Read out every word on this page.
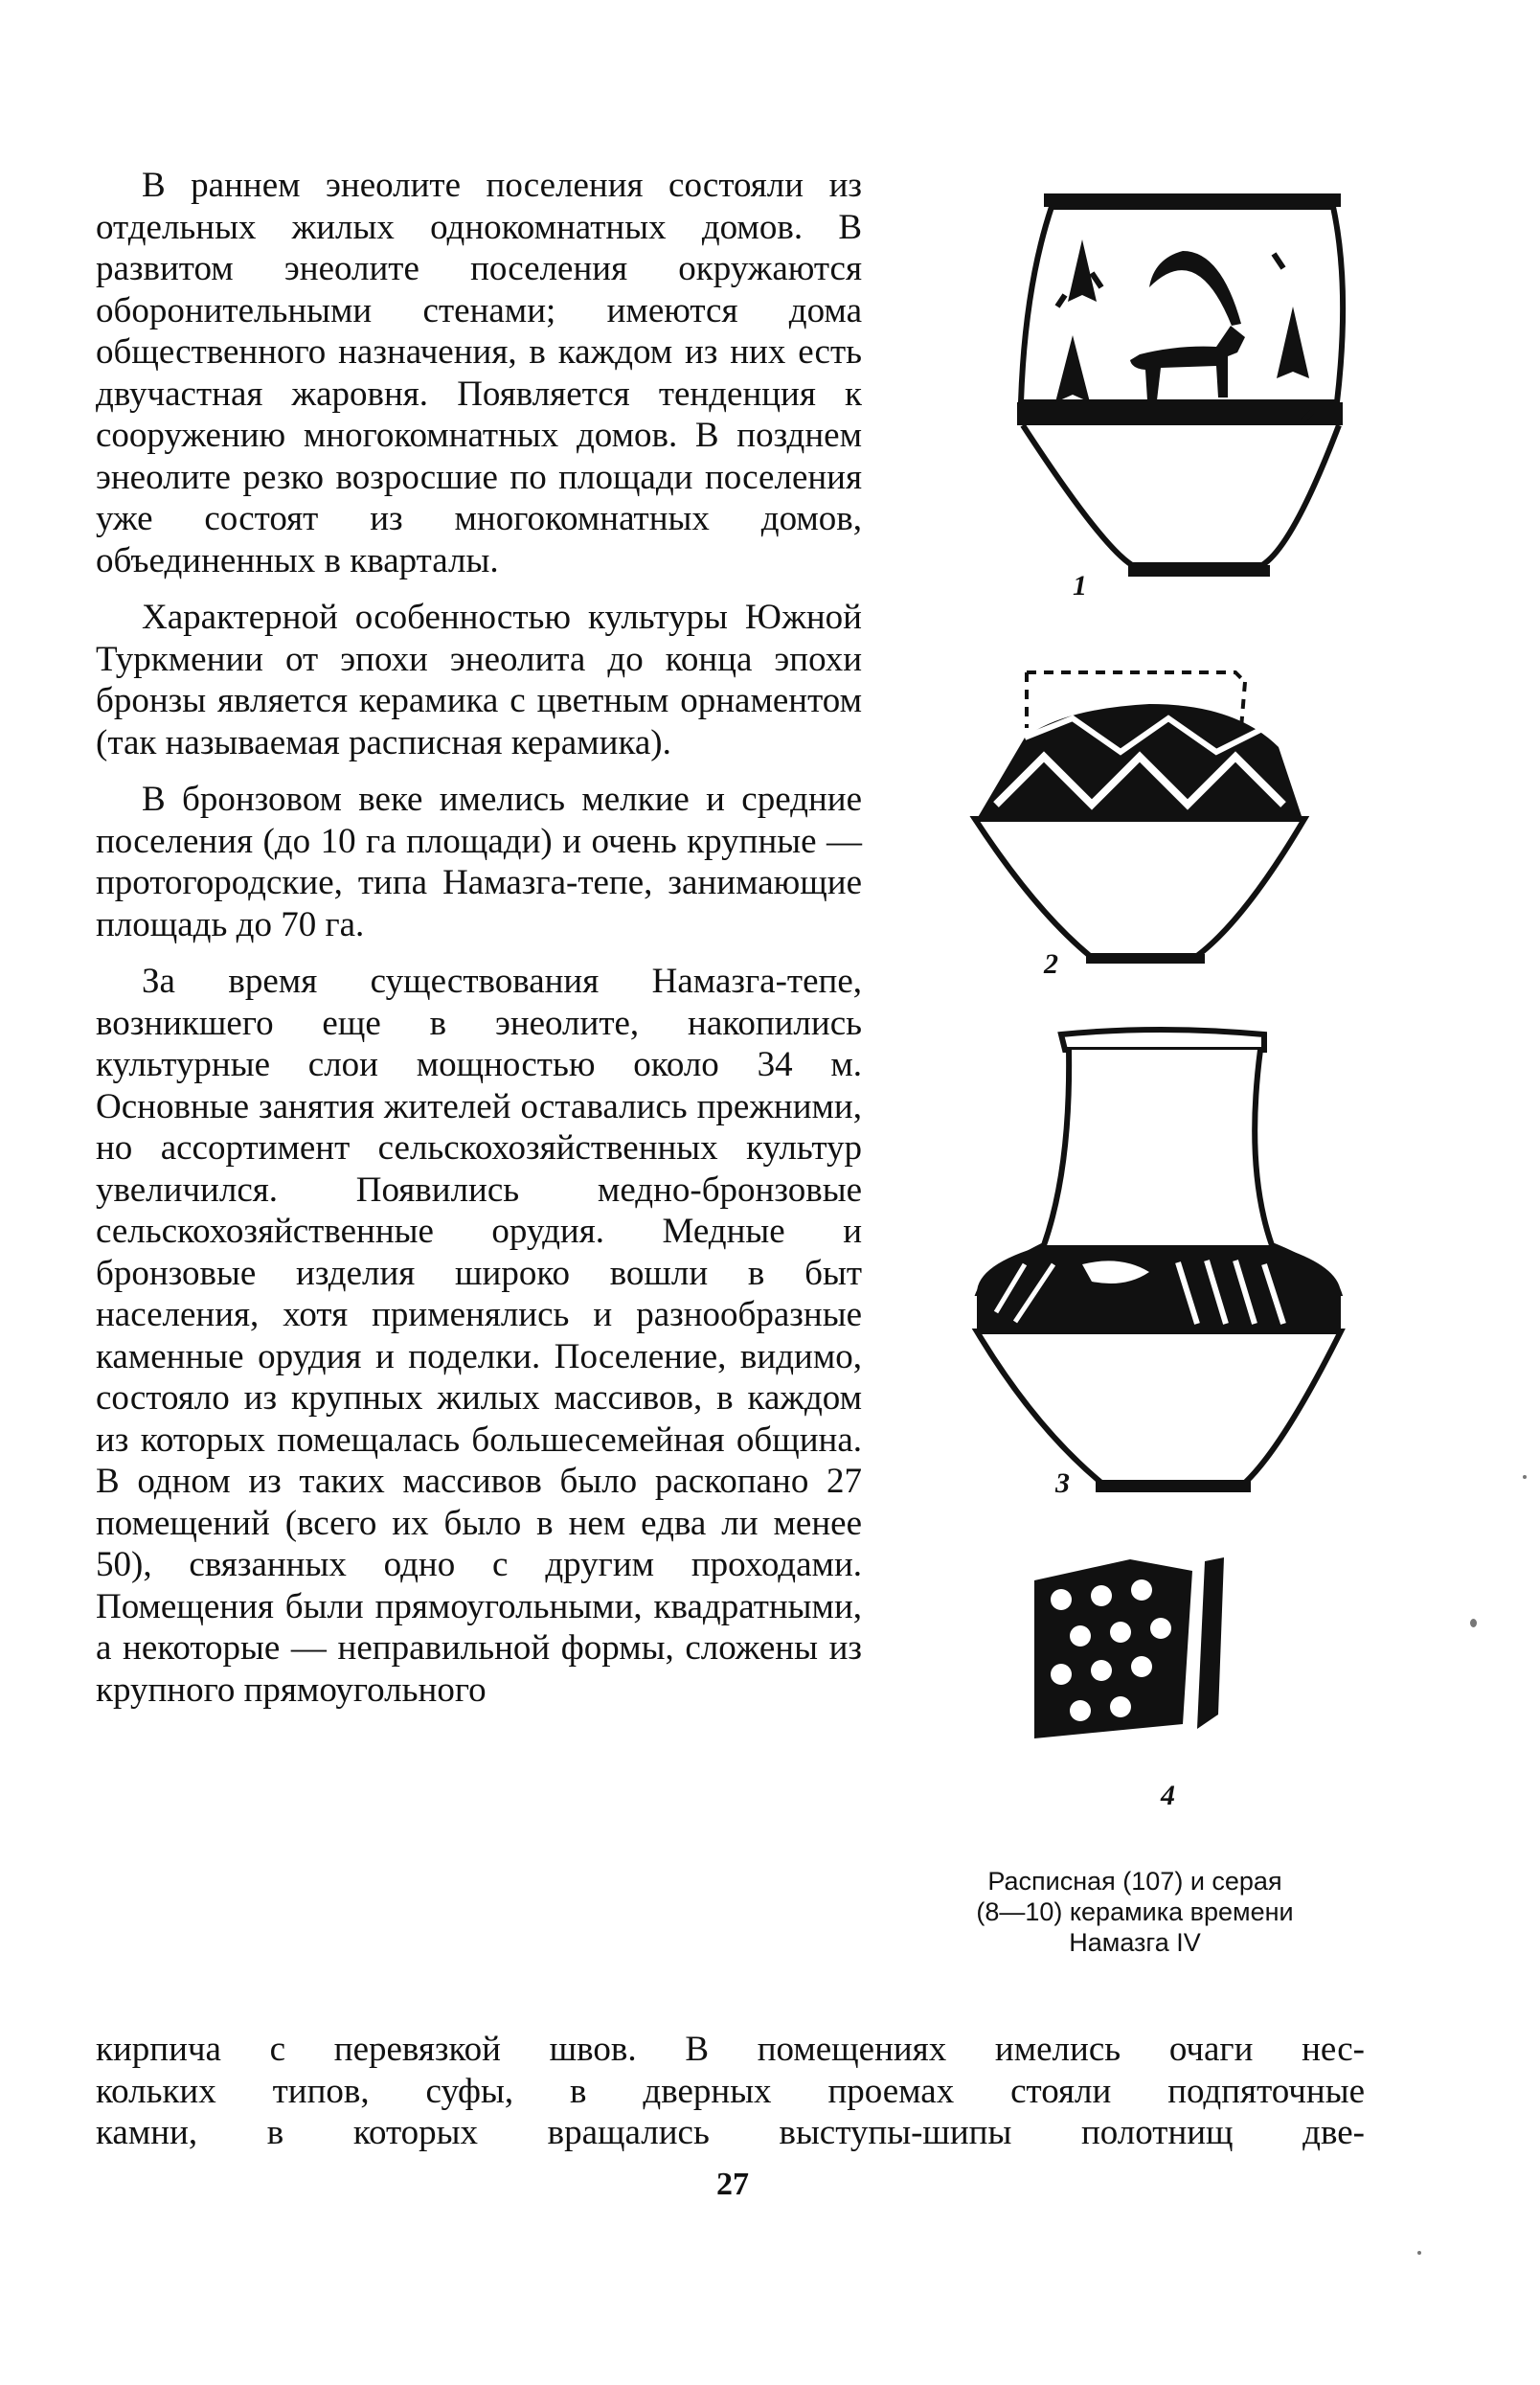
В раннем энеолите поселения состояли из отдельных жилых однокомнатных домов. В развитом энеолите поселения окружаются оборонительными стенами; имеются дома общественного назначения, в каждом из них есть двучастная жаровня. Появляется тенденция к сооружению многокомнатных домов. В позднем энеолите резко возросшие по площади поселения уже состоят из многокомнатных домов, объединенных в кварталы.

Характерной особенностью культуры Южной Туркмении от эпохи энеолита до конца эпохи бронзы является керамика с цветным орнаментом (так называемая расписная керамика).

В бронзовом веке имелись мелкие и средние поселения (до 10 га площади) и очень крупные — протогородские, типа Намазга-тепе, занимающие площадь до 70 га.

За время существования Намазга-тепе, возникшего еще в энеолите, накопились культурные слои мощностью около 34 м. Основные занятия жителей оставались прежними, но ассортимент сельскохозяйственных культур увеличился. Появились медно-бронзовые сельскохозяйственные орудия. Медные и бронзовые изделия широко вошли в быт населения, хотя применялись и разнообразные каменные орудия и поделки. Поселение, видимо, состояло из крупных жилых массивов, в каждом из которых помещалась большесемейная община. В одном из таких массивов было раскопано 27 помещений (всего их было в нем едва ли менее 50), связанных одно с другим проходами. Помещения были прямоугольными, квадратными, а некоторые — неправильной формы, сложены из крупного прямоугольного

кирпича с перевязкой швов. В помещениях имелись очаги нес-
кольких типов, суфы, в дверных проемах стояли подпяточные
камни, в которых вращались выступы-шипы полотнищ две-
1
2
3
4
Расписная (107) и серая
(8—10) керамика времени
Намазга IV
27
